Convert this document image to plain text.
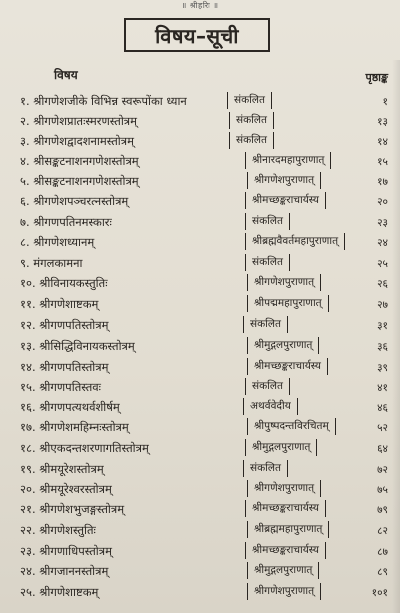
॥ श्रीहरिः ॥
विषय–सूची
विषय	पृष्ठाङ्क
१. श्रीगणेशजीके विभिन्न स्वरूपोंका ध्यान	संकलित	१
२. श्रीगणेशप्रातःस्मरणस्तोत्रम्	संकलित	१३
३. श्रीगणेशद्वादशनामस्तोत्रम्	संकलित	१४
४. श्रीसङ्कटनाशनगणेशस्तोत्रम्	श्रीनारदमहापुराणात्	१५
५. श्रीसङ्कटनाशनगणेशस्तोत्रम्	श्रीगणेशपुराणात्	१७
६. श्रीगणेशपञ्चरत्नस्तोत्रम्	श्रीमच्छङ्कराचार्यस्य	२०
७. श्रीगणपतिनमस्कारः	संकलित	२३
८. श्रीगणेशध्यानम्	श्रीब्रह्मवैवर्तमहापुराणात्	२४
९. मंगलकामना	संकलित	२५
१०. श्रीविनायकस्तुतिः	श्रीगणेशपुराणात्	२६
११. श्रीगणेशाष्टकम्	श्रीपद्ममहापुराणात्	२७
१२. श्रीगणपतिस्तोत्रम्	संकलित	३१
१३. श्रीसिद्धिविनायकस्तोत्रम्	श्रीमुद्गलपुराणात्	३६
१४. श्रीगणपतिस्तोत्रम्	श्रीमच्छङ्कराचार्यस्य	३९
१५. श्रीगणपतिस्तवः	संकलित	४१
१६. श्रीगणपत्यथर्वशीर्षम्	अथर्ववेदीय	४६
१७. श्रीगणेशमहिम्नःस्तोत्रम्	श्रीपुष्पदन्तविरचितम्	५२
१८. श्रीएकदन्तशरणागतिस्तोत्रम्	श्रीमुद्गलपुराणात्	६४
१९. श्रीमयूरेशस्तोत्रम्	संकलित	७२
२०. श्रीमयूरेश्वरस्तोत्रम्	श्रीगणेशपुराणात्	७५
२१. श्रीगणेशभुजङ्गस्तोत्रम्	श्रीमच्छङ्कराचार्यस्य	७९
२२. श्रीगणेशस्तुतिः	श्रीब्रह्ममहापुराणात्	८२
२३. श्रीगणाधिपस्तोत्रम्	श्रीमच्छङ्कराचार्यस्य	८७
२४. श्रीगजाननस्तोत्रम्	श्रीमुद्गलपुराणात्	८९
२५. श्रीगणेशाष्टकम्	श्रीगणेशपुराणात्	१०१
